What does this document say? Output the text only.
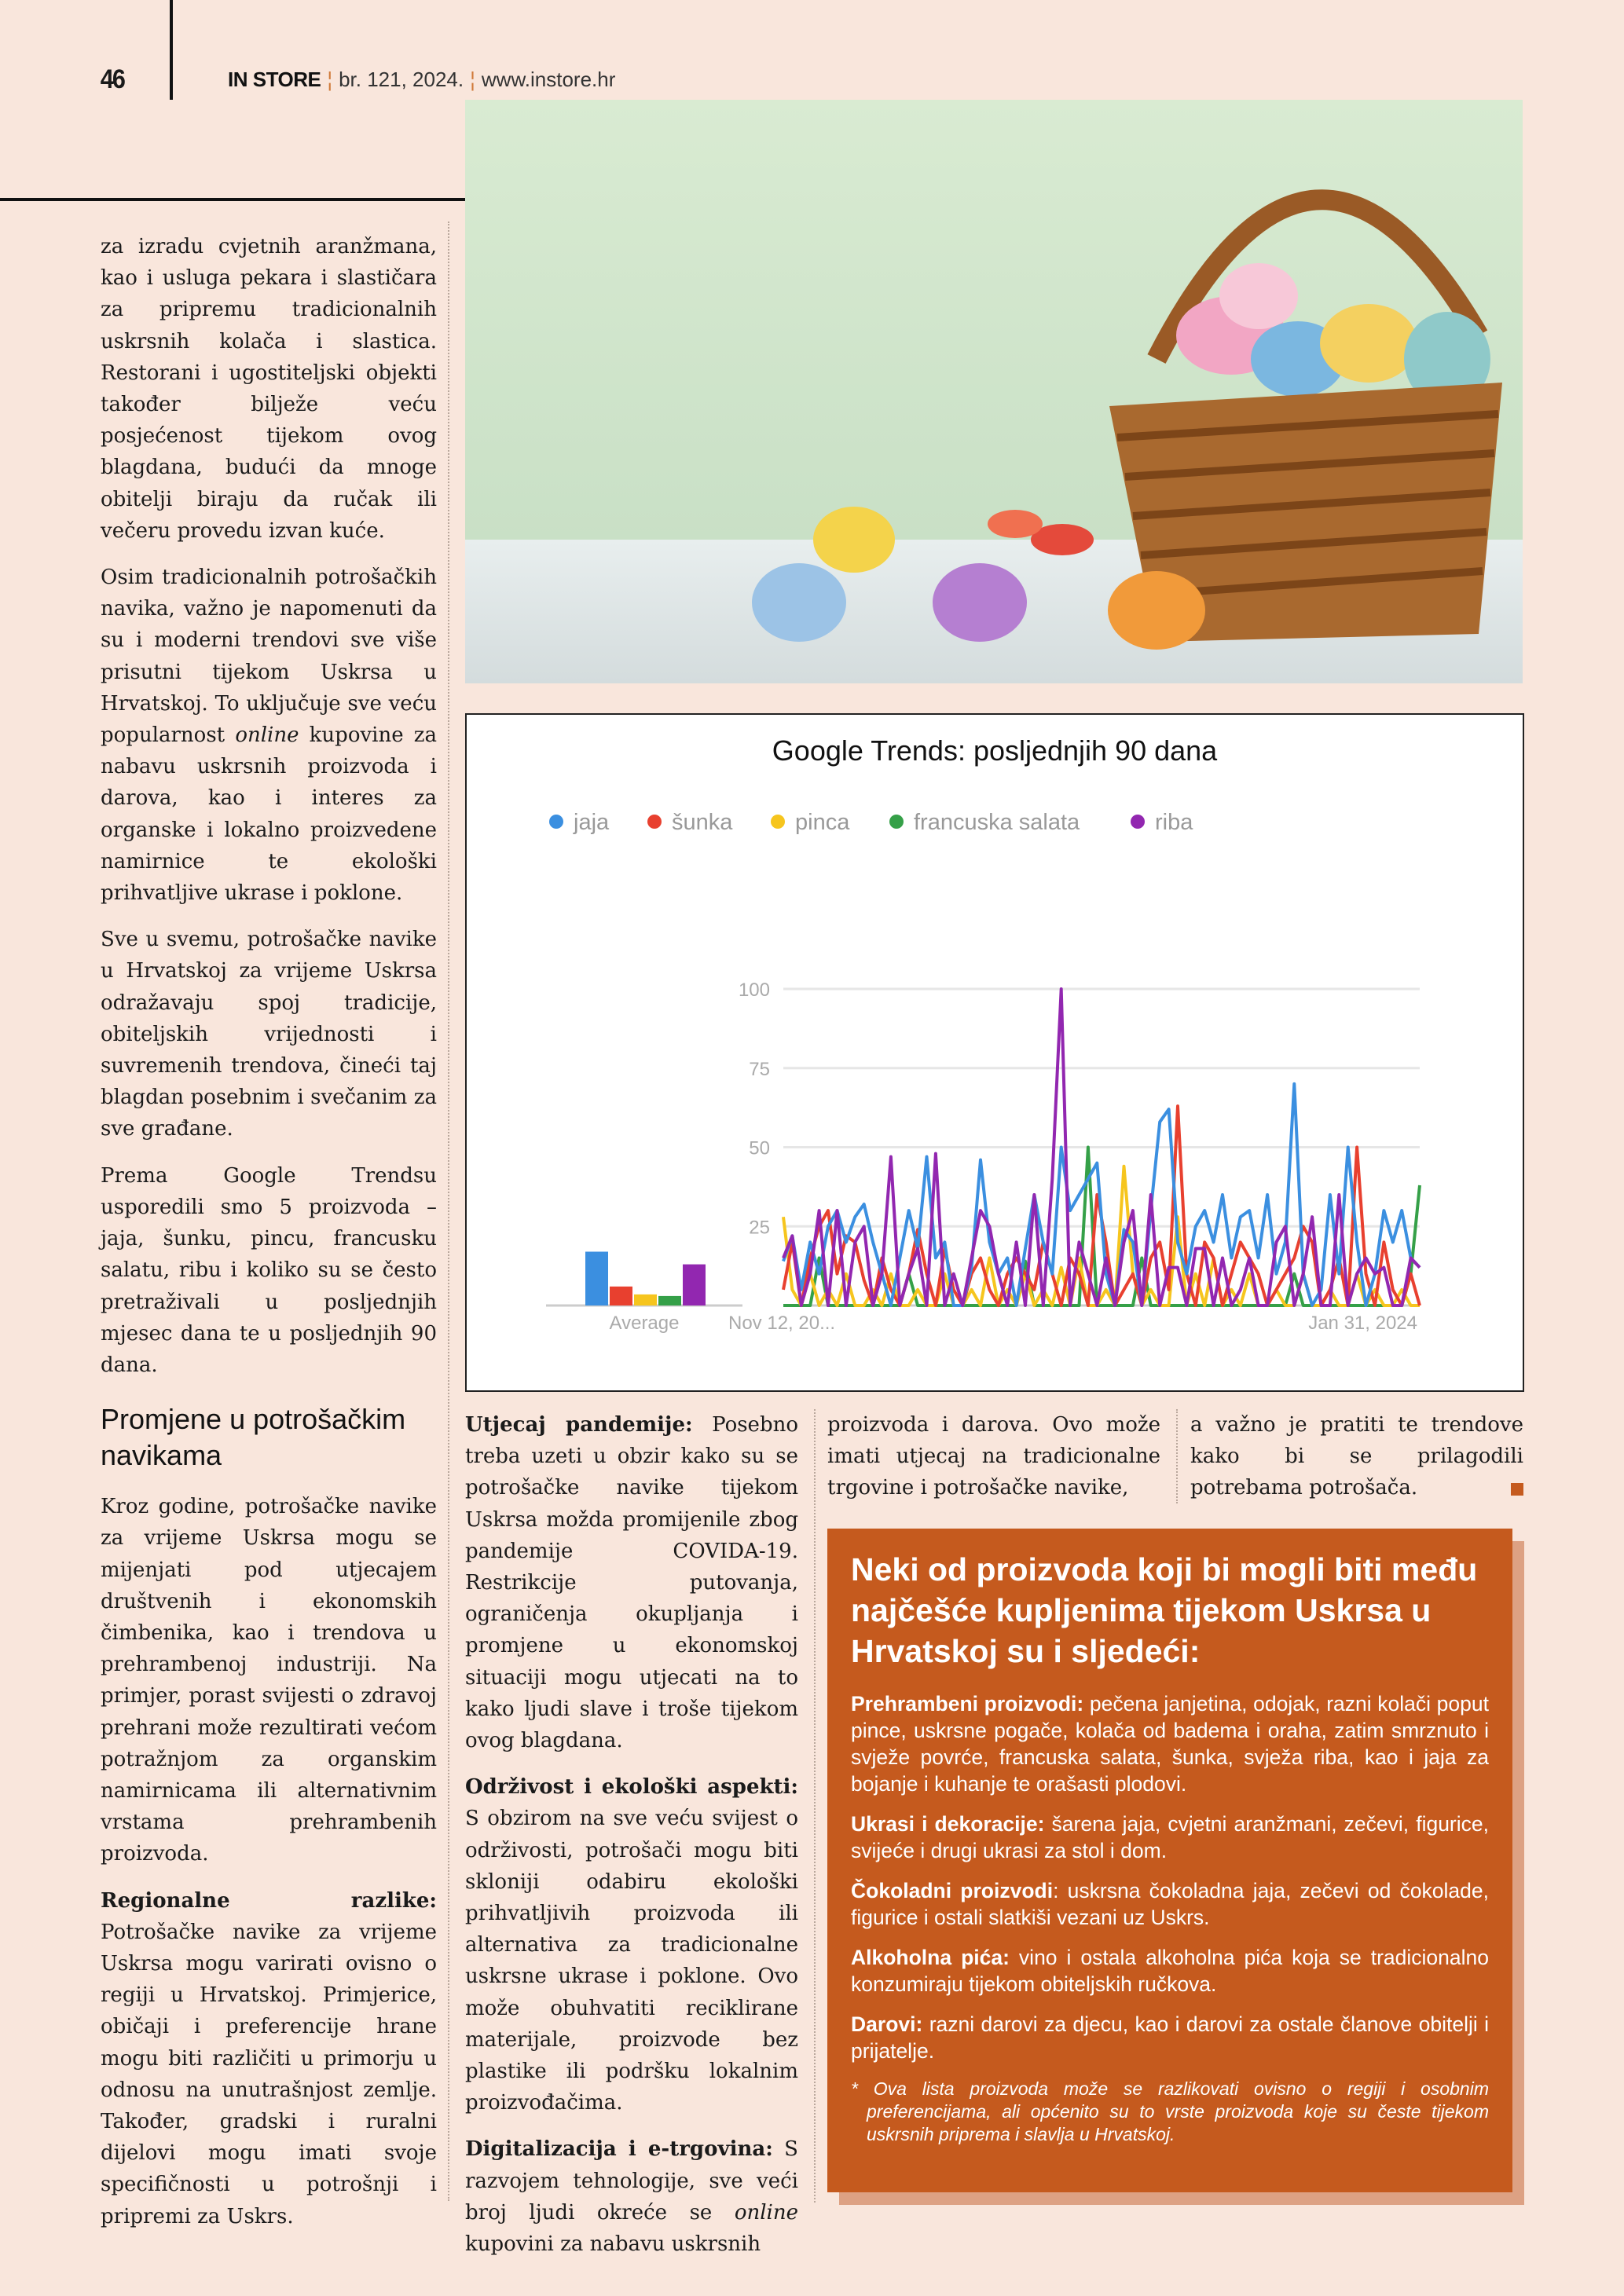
46	IN STORE ¦ br. 121, 2024. ¦ www.instore.hr

za izradu cvjetnih aranžmana, kao i usluga pekara i slastičara za pripremu tradicionalnih uskrsnih kolača i slastica. Restorani i ugostiteljski objekti također bilježe veću posjećenost tijekom ovog blagdana, budući da mnoge obitelji biraju da ručak ili večeru provedu izvan kuće.

Osim tradicionalnih potrošačkih navika, važno je napomenuti da su i moderni trendovi sve više prisutni tijekom Uskrsa u Hrvatskoj. To uključuje sve veću popularnost online kupovine za nabavu uskrsnih proizvoda i darova, kao i interes za organske i lokalno proizvedene namirnice te ekološki prihvatljive ukrase i poklone.

Sve u svemu, potrošačke navike u Hrvatskoj za vrijeme Uskrsa odražavaju spoj tradicije, obiteljskih vrijednosti i suvremenih trendova, čineći taj blagdan posebnim i svečanim za sve građane.

Prema Google Trendsu usporedili smo 5 proizvoda – jaja, šunku, pincu, francusku salatu, ribu i koliko su se često pretraživali u posljednjih mjesec dana te u posljednjih 90 dana.

Promjene u potrošačkim navikama

Kroz godine, potrošačke navike za vrijeme Uskrsa mogu se mijenjati pod utjecajem društvenih i ekonomskih čimbenika, kao i trendova u prehrambenoj industriji. Na primjer, porast svijesti o zdravoj prehrani može rezultirati većom potražnjom za organskim namirnicama ili alternativnim vrstama prehrambenih proizvoda.

Regionalne razlike: Potrošačke navike za vrijeme Uskrsa mogu varirati ovisno o regiji u Hrvatskoj. Primjerice, običaji i preferencije hrane mogu biti različiti u primorju u odnosu na unutrašnjost zemlje. Također, gradski i ruralni dijelovi mogu imati svoje specifičnosti u potrošnji i pripremi za Uskrs.

Google Trends: posljednjih 90 dana
jaja	šunka	pinca	francuska salata	riba
25
50
75
100
Average	Nov 12, 20...	Jan 31, 2024

Utjecaj pandemije: Posebno treba uzeti u obzir kako su se potrošačke navike tijekom Uskrsa možda promijenile zbog pandemije COVIDA-19. Restrikcije putovanja, ograničenja okupljanja i promjene u ekonomskoj situaciji mogu utjecati na to kako ljudi slave i troše tijekom ovog blagdana.

Održivost i ekološki aspekti: S obzirom na sve veću svijest o održivosti, potrošači mogu biti skloniji odabiru ekološki prihvatljivih proizvoda ili alternativa za tradicionalne uskrsne ukrase i poklone. Ovo može obuhvatiti reciklirane materijale, proizvode bez plastike ili podršku lokalnim proizvođačima.

Digitalizacija i e-trgovina: S razvojem tehnologije, sve veći broj ljudi okreće se online kupovini za nabavu uskrsnih

proizvoda i darova. Ovo može imati utjecaj na tradicionalne trgovine i potrošačke navike,

a važno je pratiti te trendove kako bi se prilagodili potrebama potrošača.

Neki od proizvoda koji bi mogli biti među najčešće kupljenima tijekom Uskrsa u Hrvatskoj su i sljedeći:

Prehrambeni proizvodi: pečena janjetina, odojak, razni kolači poput pince, uskrsne pogače, kolača od badema i oraha, zatim smrznuto i svježe povrće, francuska salata, šunka, svježa riba, kao i jaja za bojanje i kuhanje te orašasti plodovi.

Ukrasi i dekoracije: šarena jaja, cvjetni aranžmani, zečevi, figurice, svijeće i drugi ukrasi za stol i dom.

Čokoladni proizvodi: uskrsna čokoladna jaja, zečevi od čokolade, figurice i ostali slatkiši vezani uz Uskrs.

Alkoholna pića: vino i ostala alkoholna pića koja se tradicionalno konzumiraju tijekom obiteljskih ručkova.

Darovi: razni darovi za djecu, kao i darovi za ostale članove obitelji i prijatelje.

* Ova lista proizvoda može se razlikovati ovisno o regiji i osobnim preferencijama, ali općenito su to vrste proizvoda koje su česte tijekom uskrsnih priprema i slavlja u Hrvatskoj.
